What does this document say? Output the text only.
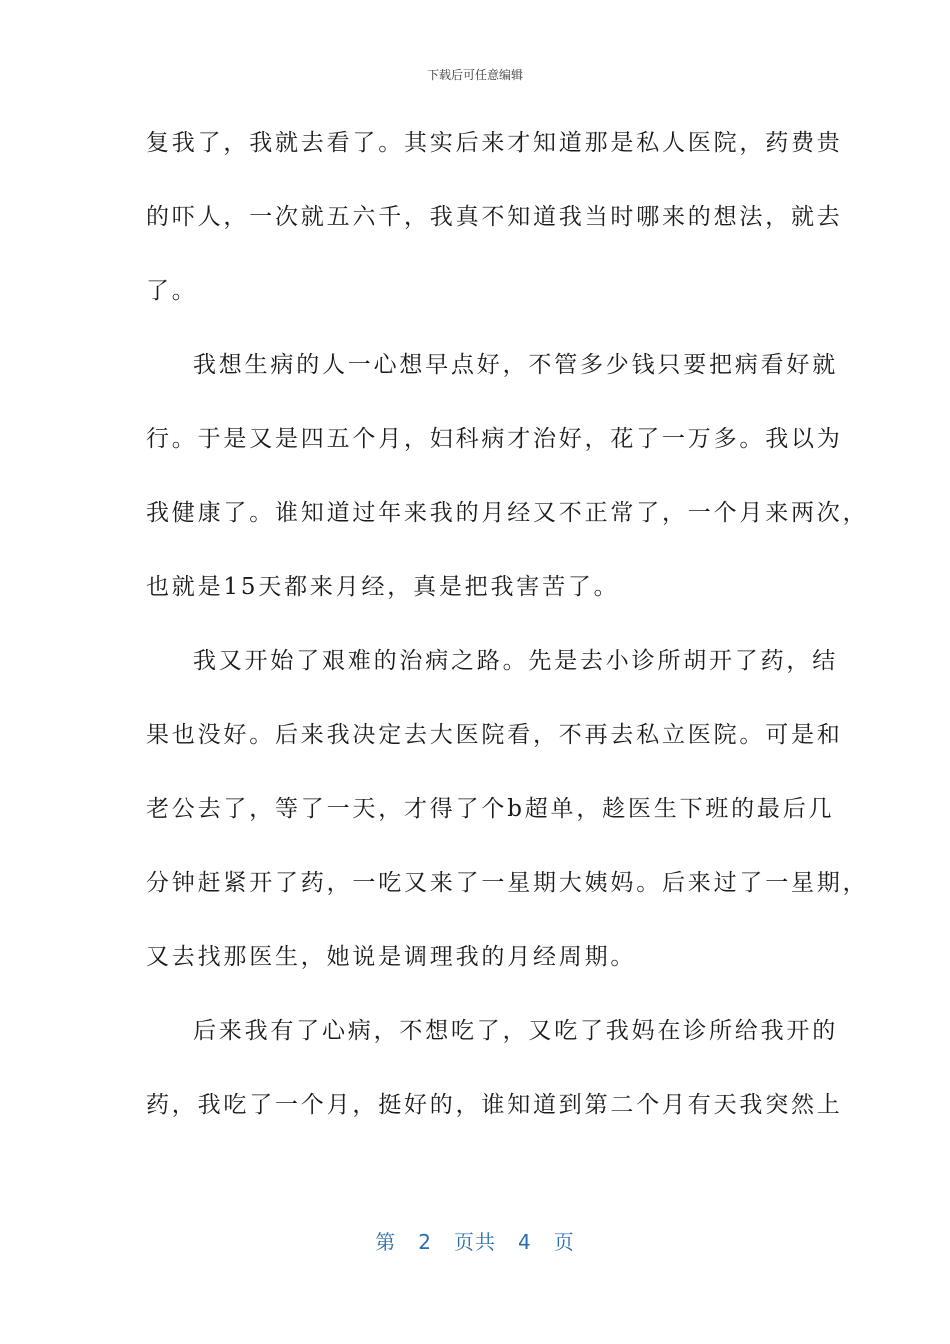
下载后可任意编辑
复我了，我就去看了。其实后来才知道那是私人医院，药费贵
的吓人，一次就五六千，我真不知道我当时哪来的想法，就去
了。
我想生病的人一心想早点好，不管多少钱只要把病看好就
行。于是又是四五个月，妇科病才治好，花了一万多。我以为
我健康了。谁知道过年来我的月经又不正常了，一个月来两次，
也就是15天都来月经，真是把我害苦了。
我又开始了艰难的治病之路。先是去小诊所胡开了药，结
果也没好。后来我决定去大医院看，不再去私立医院。可是和
老公去了，等了一天，才得了个b超单，趁医生下班的最后几
分钟赶紧开了药，一吃又来了一星期大姨妈。后来过了一星期，
又去找那医生，她说是调理我的月经周期。
后来我有了心病，不想吃了，又吃了我妈在诊所给我开的
药，我吃了一个月，挺好的，谁知道到第二个月有天我突然上
第 2 页共 4 页
